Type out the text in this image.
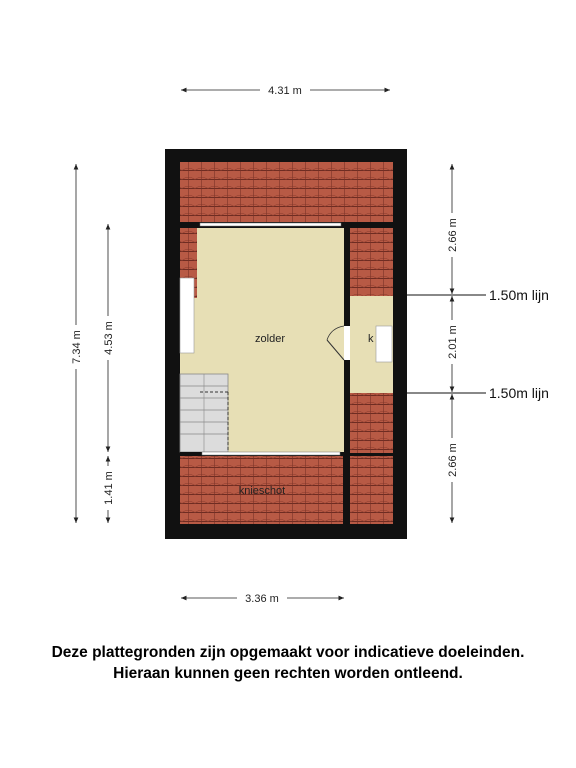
zolder	k
knieschot
4.31 m
3.36 m
7.34 m 4.53 m
1.41 m
2.66 m
2.01 m
2.66 m
1.50m lijn
1.50m lijn
Deze plattegronden zijn opgemaakt voor indicatieve doeleinden.
Hieraan kunnen geen rechten worden ontleend.
